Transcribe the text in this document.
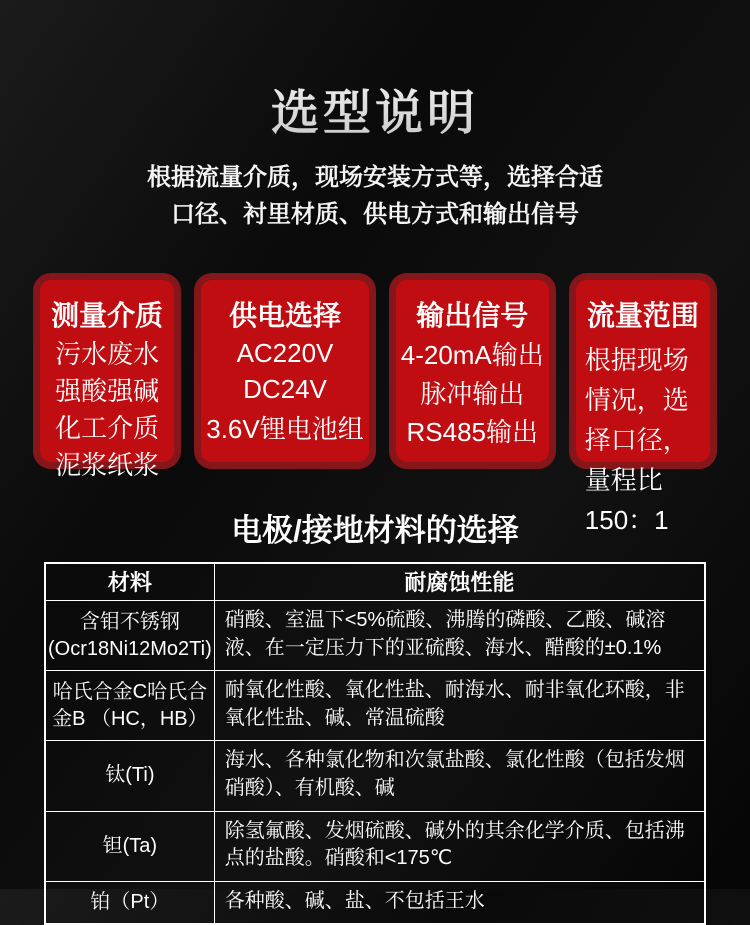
选型说明
根据流量介质，现场安装方式等，选择合适
口径、衬里材质、供电方式和输出信号
测量介质
污水废水
强酸强碱
化工介质
泥浆纸浆
供电选择
AC220V
DC24V
3.6V锂电池组
输出信号
4-20mA输出
脉冲输出
RS485输出
流量范围
根据现场情况，选择口径，量程比150：1
电极/接地材料的选择
材料	耐腐蚀性能
含钼不锈钢(Ocr18Ni12Mo2Ti)	硝酸、室温下<5%硫酸、沸腾的磷酸、乙酸、碱溶液、在一定压力下的亚硫酸、海水、醋酸的±0.1%
哈氏合金C哈氏合金B （HC，HB）	耐氧化性酸、氧化性盐、耐海水、耐非氧化环酸，非氧化性盐、碱、常温硫酸
钛(Ti)	海水、各种氯化物和次氯盐酸、氯化性酸（包括发烟硝酸）、有机酸、碱
钽(Ta)	除氢氟酸、发烟硫酸、碱外的其余化学介质、包括沸点的盐酸。硝酸和<175℃
铂（Pt）	各种酸、碱、盐、不包括王水
